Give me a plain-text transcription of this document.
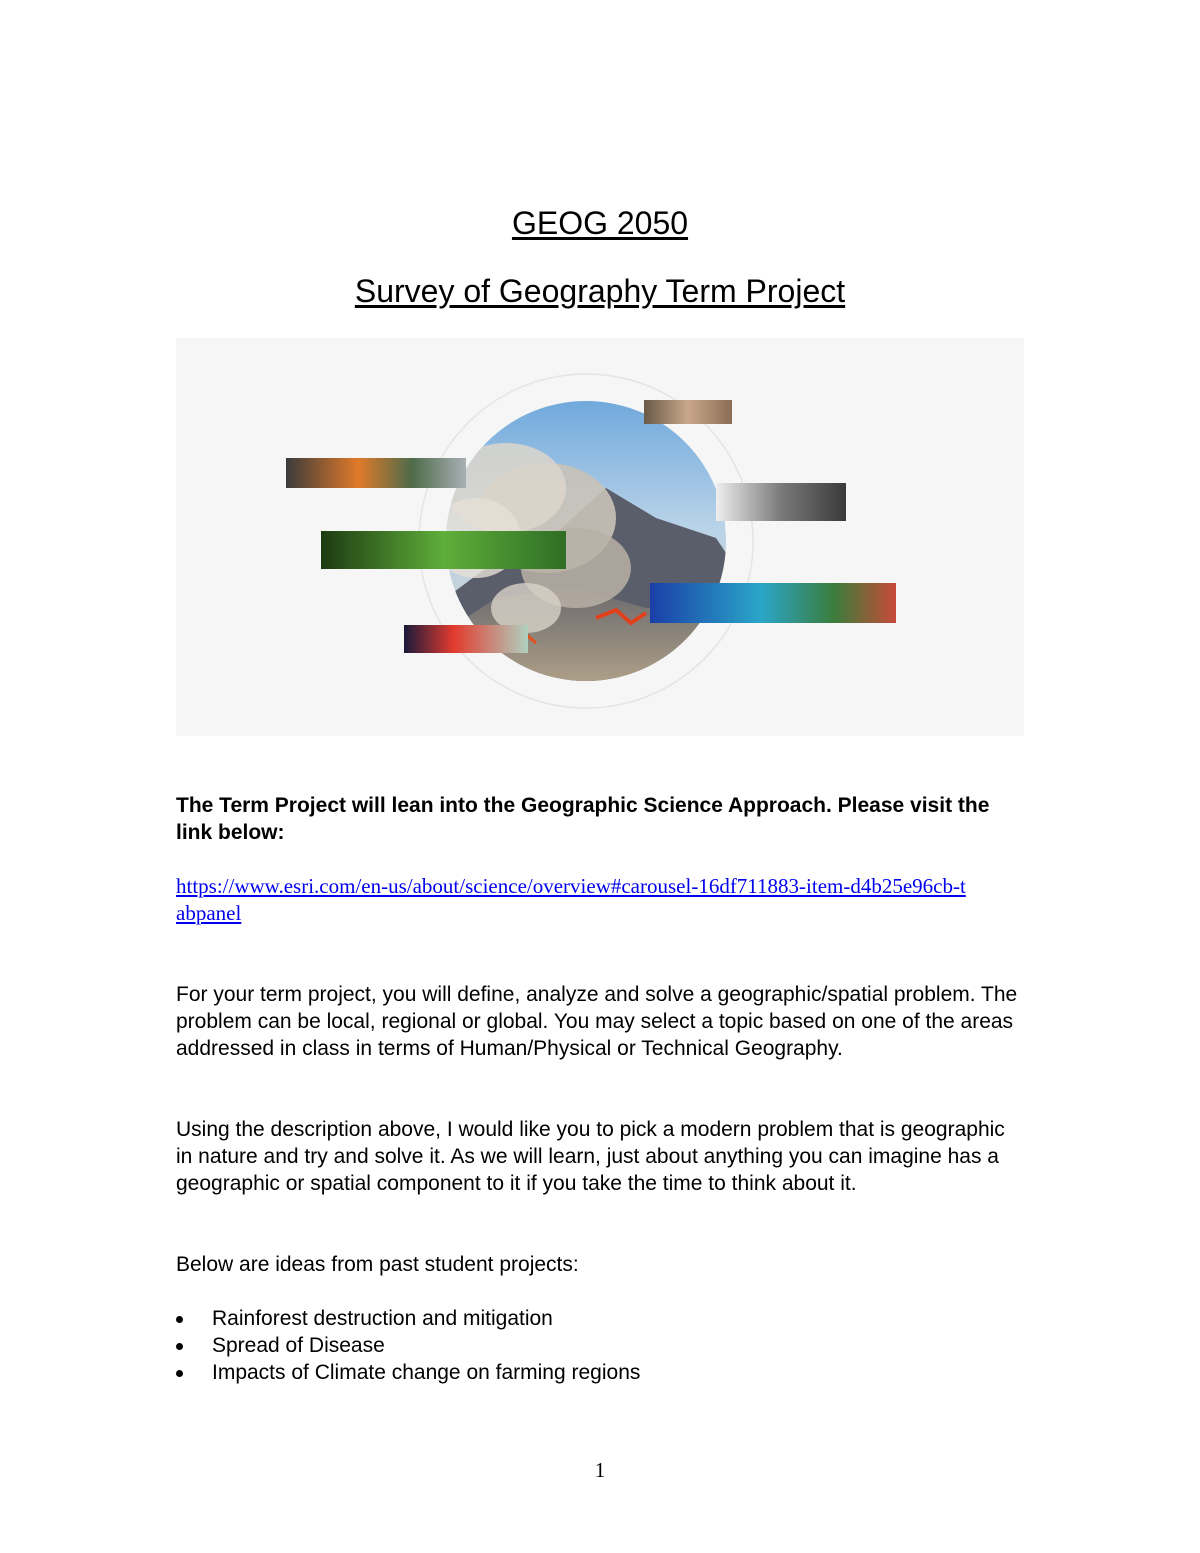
GEOG 2050
Survey of Geography Term Project

The Term Project will lean into the Geographic Science Approach. Please visit the link below:

https://www.esri.com/en-us/about/science/overview#carousel-16df711883-item-d4b25e96cb-tabpanel

For your term project, you will define, analyze and solve a geographic/spatial problem. The problem can be local, regional or global. You may select a topic based on one of the areas addressed in class in terms of Human/Physical or Technical Geography.

Using the description above, I would like you to pick a modern problem that is geographic in nature and try and solve it. As we will learn, just about anything you can imagine has a geographic or spatial component to it if you take the time to think about it.

Below are ideas from past student projects:

Rainforest destruction and mitigation
Spread of Disease
Impacts of Climate change on farming regions
1
